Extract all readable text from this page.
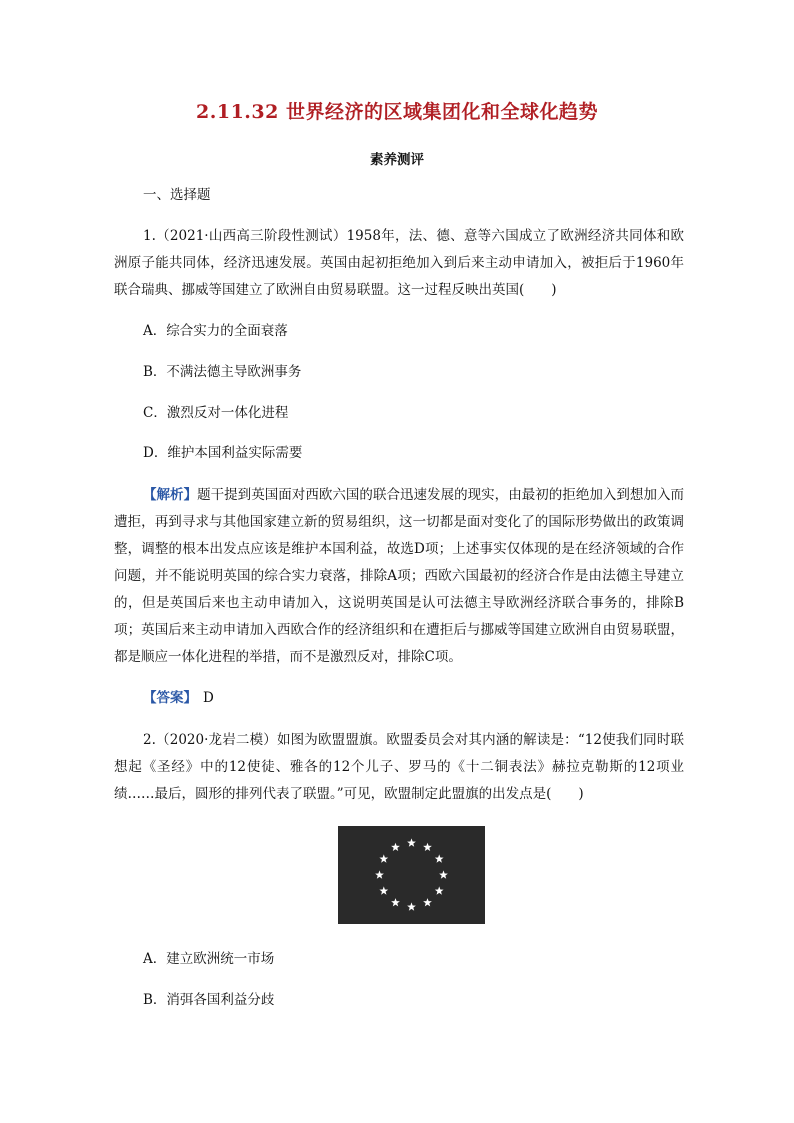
2.11.32 世界经济的区域集团化和全球化趋势
素养测评
一、选择题
1.（2021·山西高三阶段性测试）1958年，法、德、意等六国成立了欧洲经济共同体和欧洲原子能共同体，经济迅速发展。英国由起初拒绝加入到后来主动申请加入，被拒后于1960年联合瑞典、挪威等国建立了欧洲自由贸易联盟。这一过程反映出英国(　　)
A．综合实力的全面衰落
B．不满法德主导欧洲事务
C．激烈反对一体化进程
D．维护本国利益实际需要
【解析】题干提到英国面对西欧六国的联合迅速发展的现实，由最初的拒绝加入到想加入而遭拒，再到寻求与其他国家建立新的贸易组织，这一切都是面对变化了的国际形势做出的政策调整，调整的根本出发点应该是维护本国利益，故选D项；上述事实仅体现的是在经济领域的合作问题，并不能说明英国的综合实力衰落，排除A项；西欧六国最初的经济合作是由法德主导建立的，但是英国后来也主动申请加入，这说明英国是认可法德主导欧洲经济联合事务的，排除B项；英国后来主动申请加入西欧合作的经济组织和在遭拒后与挪威等国建立欧洲自由贸易联盟，都是顺应一体化进程的举措，而不是激烈反对，排除C项。
【答案】 D
2.（2020·龙岩二模）如图为欧盟盟旗。欧盟委员会对其内涵的解读是：“12使我们同时联想起《圣经》中的12使徒、雅各的12个儿子、罗马的《十二铜表法》赫拉克勒斯的12项业绩……最后，圆形的排列代表了联盟。”可见，欧盟制定此盟旗的出发点是(　　)
A．建立欧洲统一市场
B．消弭各国利益分歧
